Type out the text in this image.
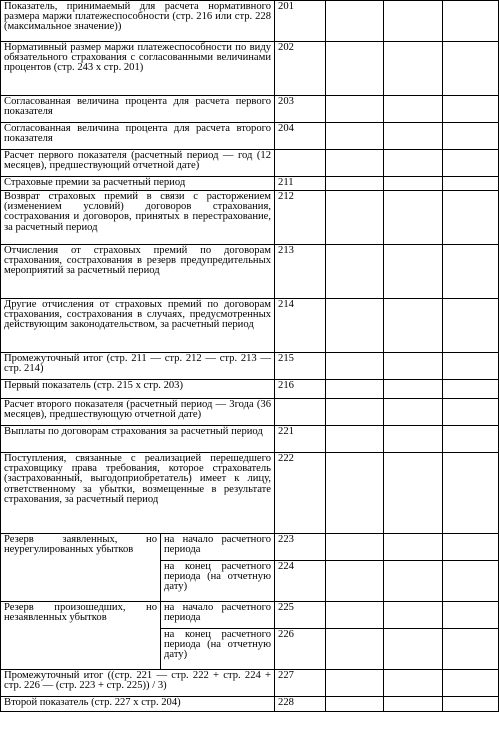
Показатель, принимаемый для расчета нормативного размера маржи платежеспособности (стр. 216 или стр. 228 (максимальное значение))		201				
Нормативный размер маржи платежеспособности по виду обязательного страхования с согласованными величинами процентов (стр. 243 x стр. 201)		202				
Согласованная величина процента для расчета первого показателя		203				
Согласованная величина процента для расчета второго показателя		204				
Расчет первого показателя (расчетный период — год (12 месяцев), предшествующий отчетной дате)						
Страховые премии за расчетный период		211				
Возврат страховых премий в связи с расторжением (изменением условий) договоров страхования, сострахования и договоров, принятых в перестрахование, за расчетный период		212				
Отчисления от страховых премий по договорам страхования, сострахования в резерв предупредительных мероприятий за расчетный период		213				
Другие отчисления от страховых премий по договорам страхования, сострахования в случаях, предусмотренных действующим законодательством, за расчетный период		214				
Промежуточный итог (стр. 211 — стр. 212 — стр. 213 — стр. 214)		215				
Первый показатель (стр. 215 x стр. 203)		216				
Расчет второго показателя (расчетный период — 3года (36 месяцев), предшествующую отчетной дате)						
Выплаты по договорам страхования за расчетный период		221				
Поступления, связанные с реализацией перешедшего страховщику права требования, которое страхователь (застрахованный, выгодоприобретатель) имеет к лицу, ответственному за убытки, возмещенные в результате страхования, за расчетный период		222				
Резерв заявленных, но неурегулированных убытков	на начало расчетного периода	223				
	на конец расчетного периода (на отчетную дату)	224				
Резерв произошедших, но незаявленных убытков	на начало расчетного периода	225				
	на конец расчетного периода (на отчетную дату)	226				
Промежуточный итог ((стр. 221 — стр. 222 + стр. 224 + стр. 226 — (стр. 223 + стр. 225)) / 3)		227				
Второй показатель (стр. 227 x стр. 204)		228				
